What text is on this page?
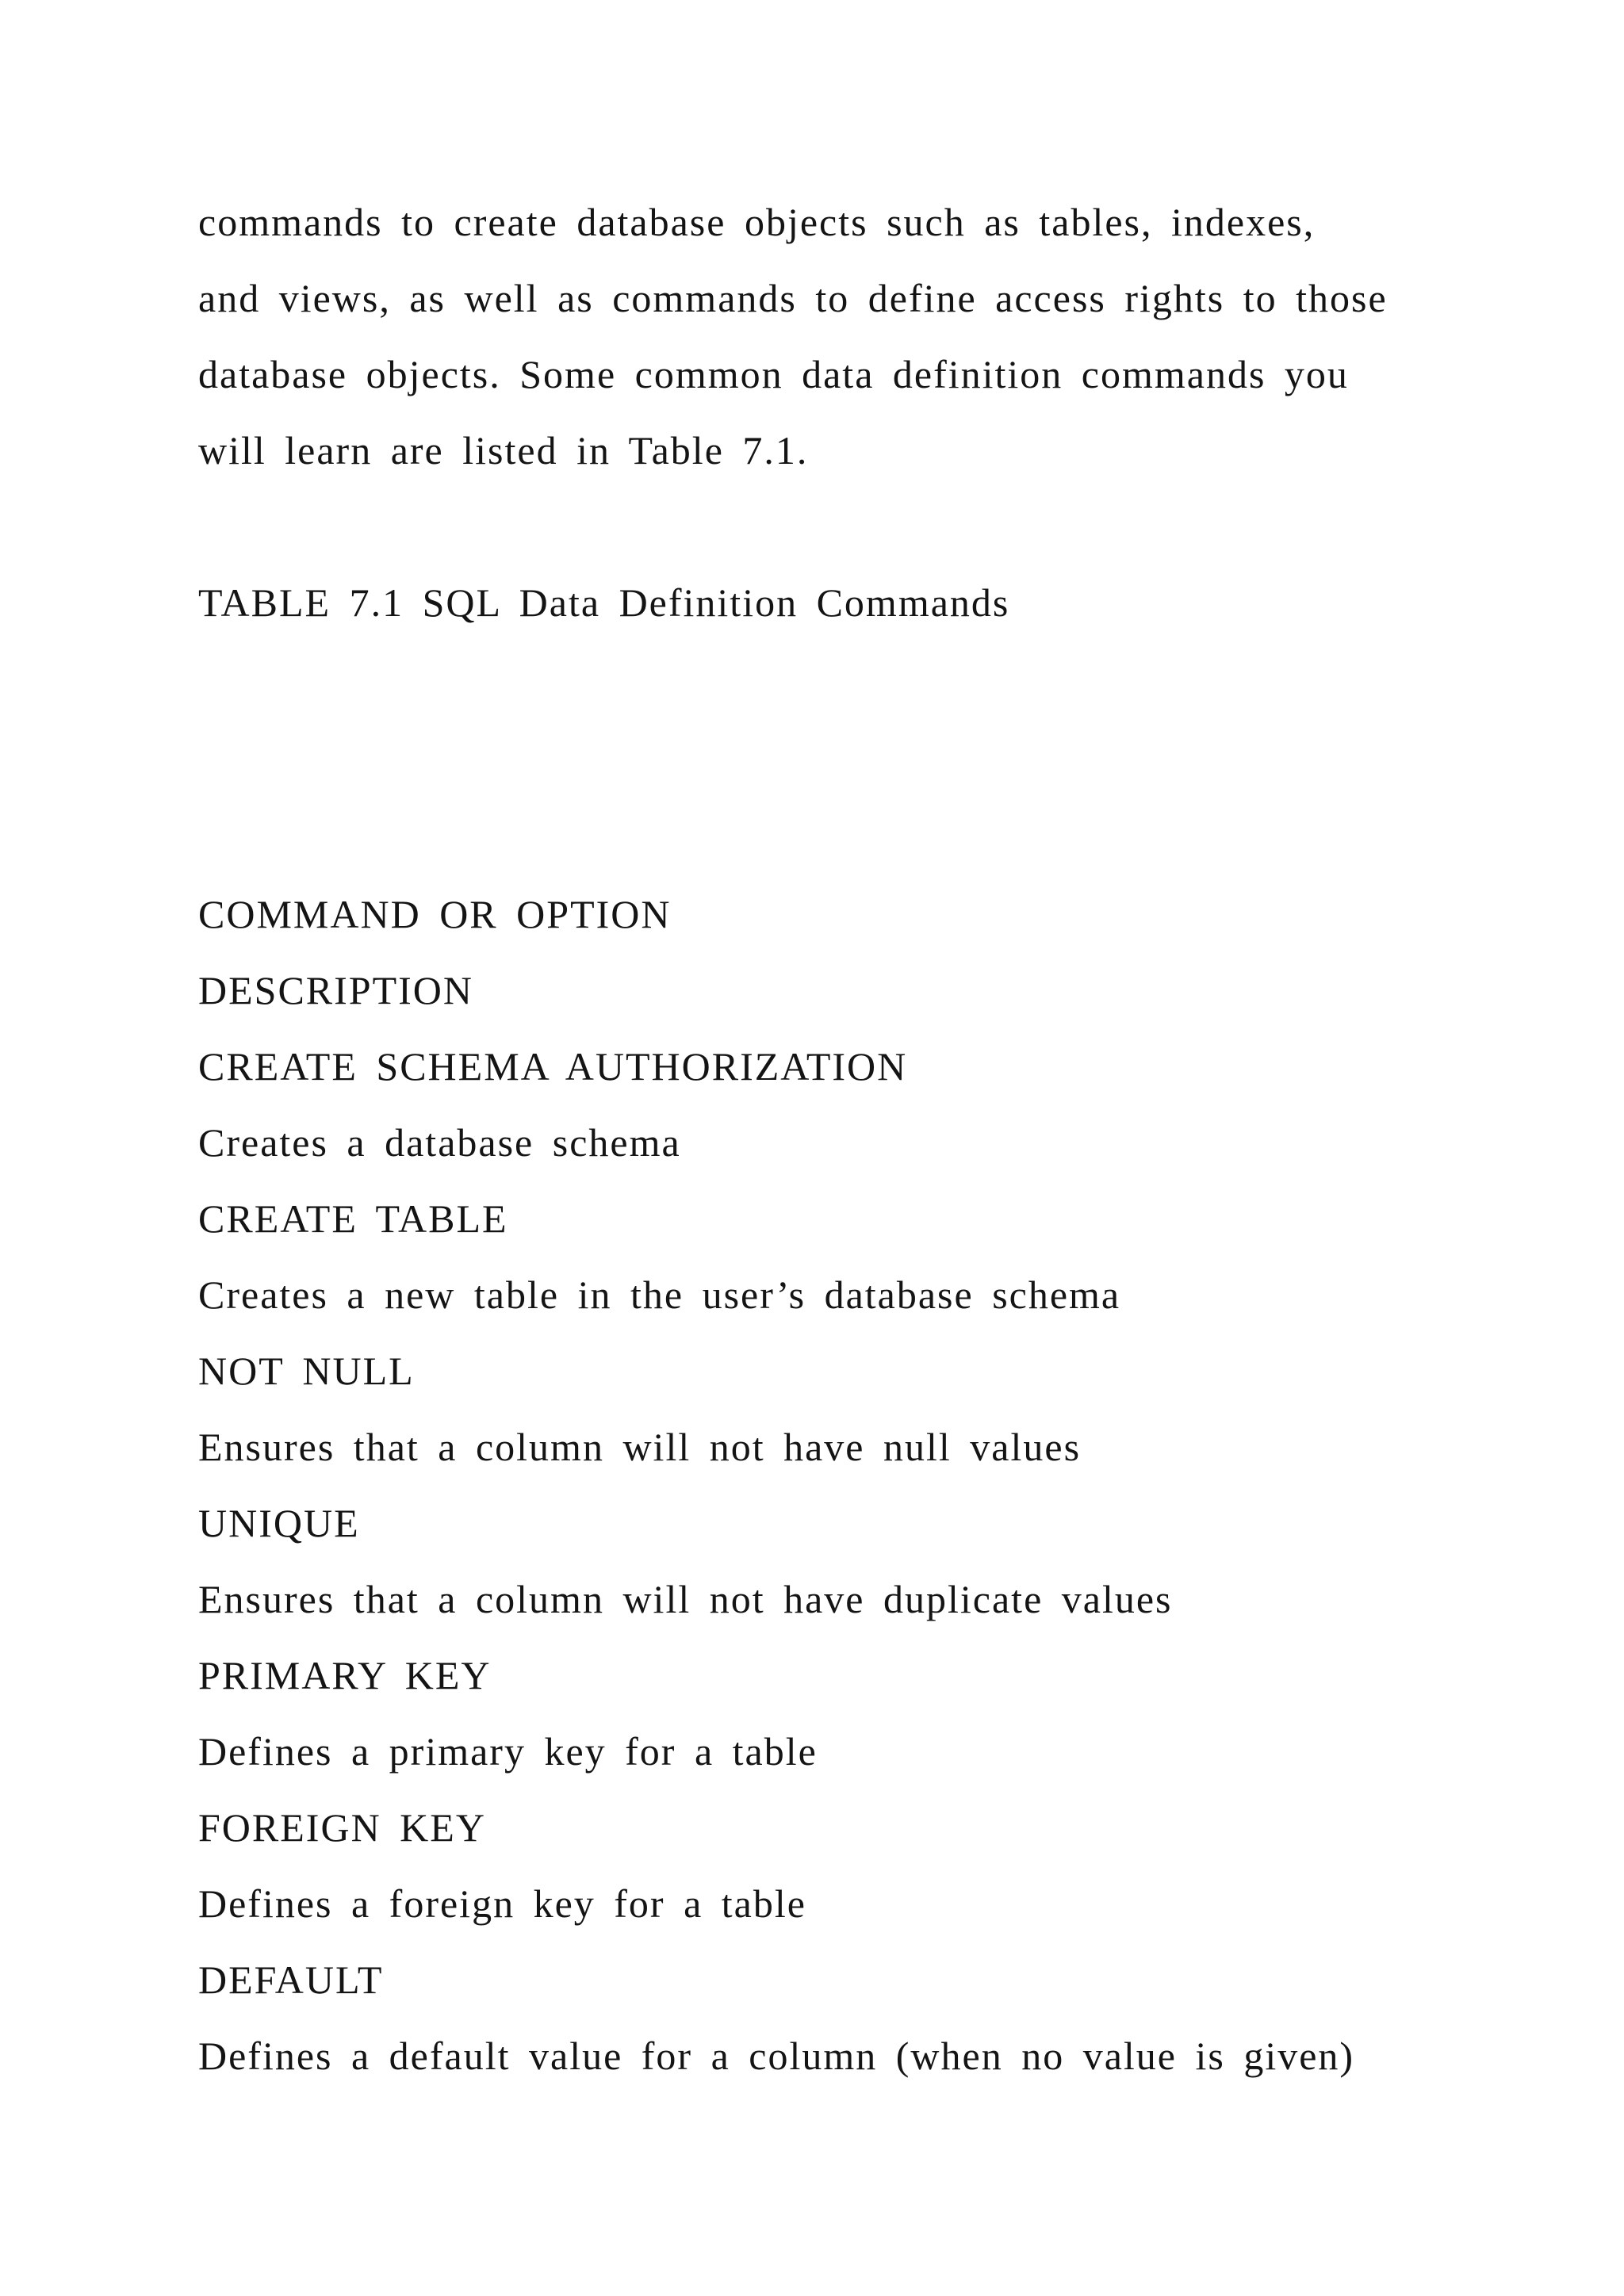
commands to create database objects such as tables, indexes,
and views, as well as commands to define access rights to those
database objects. Some common data definition commands you
will learn are listed in Table 7.1.
TABLE 7.1 SQL Data Definition Commands
COMMAND OR OPTION
DESCRIPTION
CREATE SCHEMA AUTHORIZATION
Creates a database schema
CREATE TABLE
Creates a new table in the user’s database schema
NOT NULL
Ensures that a column will not have null values
UNIQUE
Ensures that a column will not have duplicate values
PRIMARY KEY
Defines a primary key for a table
FOREIGN KEY
Defines a foreign key for a table
DEFAULT
Defines a default value for a column (when no value is given)
